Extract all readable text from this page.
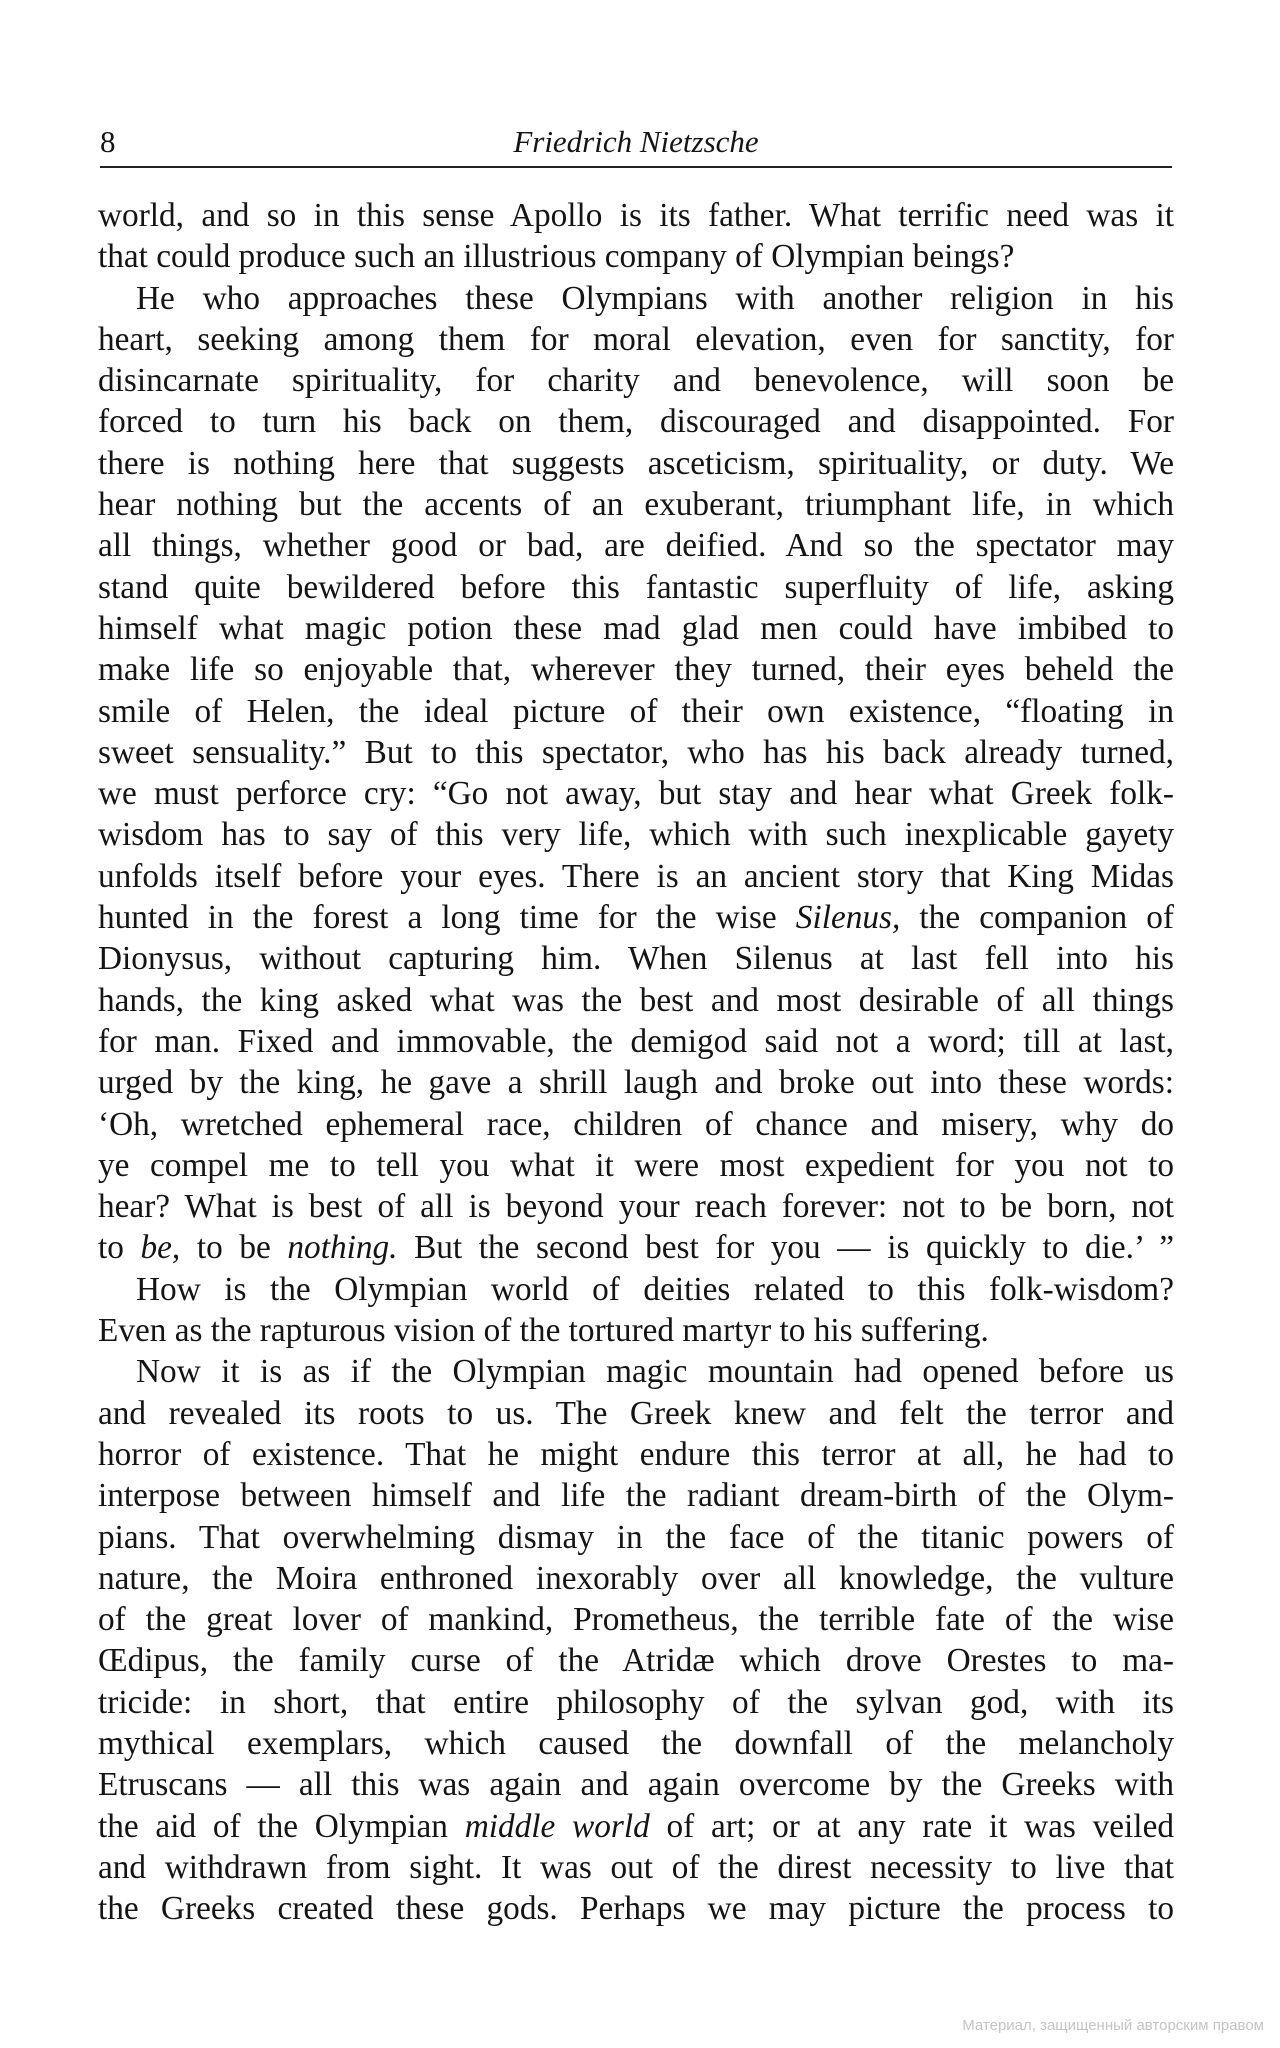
8	Friedrich Nietzsche
world, and so in this sense Apollo is its father. What terrific need was it
that could produce such an illustrious company of Olympian beings?
He who approaches these Olympians with another religion in his
heart, seeking among them for moral elevation, even for sanctity, for
disincarnate spirituality, for charity and benevolence, will soon be
forced to turn his back on them, discouraged and disappointed. For
there is nothing here that suggests asceticism, spirituality, or duty. We
hear nothing but the accents of an exuberant, triumphant life, in which
all things, whether good or bad, are deified. And so the spectator may
stand quite bewildered before this fantastic superfluity of life, asking
himself what magic potion these mad glad men could have imbibed to
make life so enjoyable that, wherever they turned, their eyes beheld the
smile of Helen, the ideal picture of their own existence, “floating in
sweet sensuality.” But to this spectator, who has his back already turned,
we must perforce cry: “Go not away, but stay and hear what Greek folk-
wisdom has to say of this very life, which with such inexplicable gayety
unfolds itself before your eyes. There is an ancient story that King Midas
hunted in the forest a long time for the wise Silenus, the companion of
Dionysus, without capturing him. When Silenus at last fell into his
hands, the king asked what was the best and most desirable of all things
for man. Fixed and immovable, the demigod said not a word; till at last,
urged by the king, he gave a shrill laugh and broke out into these words:
‘Oh, wretched ephemeral race, children of chance and misery, why do
ye compel me to tell you what it were most expedient for you not to
hear? What is best of all is beyond your reach forever: not to be born, not
to be, to be nothing. But the second best for you — is quickly to die.’ ”
How is the Olympian world of deities related to this folk-wisdom?
Even as the rapturous vision of the tortured martyr to his suffering.
Now it is as if the Olympian magic mountain had opened before us
and revealed its roots to us. The Greek knew and felt the terror and
horror of existence. That he might endure this terror at all, he had to
interpose between himself and life the radiant dream-birth of the Olym-
pians. That overwhelming dismay in the face of the titanic powers of
nature, the Moira enthroned inexorably over all knowledge, the vulture
of the great lover of mankind, Prometheus, the terrible fate of the wise
Œdipus, the family curse of the Atridæ which drove Orestes to ma-
tricide: in short, that entire philosophy of the sylvan god, with its
mythical exemplars, which caused the downfall of the melancholy
Etruscans — all this was again and again overcome by the Greeks with
the aid of the Olympian middle world of art; or at any rate it was veiled
and withdrawn from sight. It was out of the direst necessity to live that
the Greeks created these gods. Perhaps we may picture the process to
Материал, защищенный авторским правом
